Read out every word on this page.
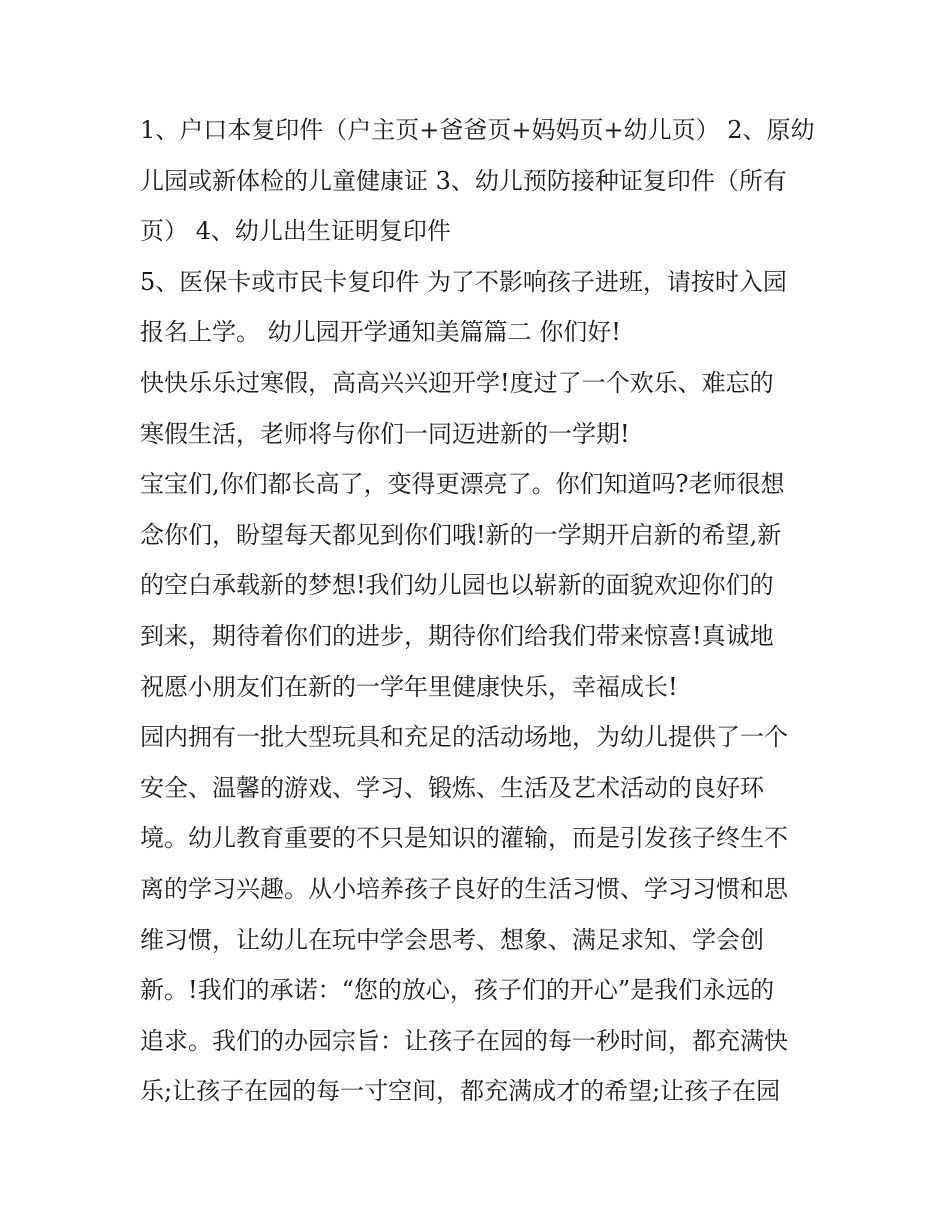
1、户口本复印件（户主页+爸爸页+妈妈页+幼儿页） 2、原幼
儿园或新体检的儿童健康证 3、幼儿预防接种证复印件（所有
页） 4、幼儿出生证明复印件
5、医保卡或市民卡复印件 为了不影响孩子进班，请按时入园
报名上学。 幼儿园开学通知美篇篇二 你们好!
快快乐乐过寒假，高高兴兴迎开学!度过了一个欢乐、难忘的
寒假生活，老师将与你们一同迈进新的一学期!
宝宝们,你们都长高了，变得更漂亮了。你们知道吗?老师很想
念你们，盼望每天都见到你们哦!新的一学期开启新的希望,新
的空白承载新的梦想!我们幼儿园也以崭新的面貌欢迎你们的
到来，期待着你们的进步，期待你们给我们带来惊喜!真诚地
祝愿小朋友们在新的一学年里健康快乐，幸福成长!
园内拥有一批大型玩具和充足的活动场地，为幼儿提供了一个
安全、温馨的游戏、学习、锻炼、生活及艺术活动的良好环
境。幼儿教育重要的不只是知识的灌输，而是引发孩子终生不
离的学习兴趣。从小培养孩子良好的生活习惯、学习习惯和思
维习惯，让幼儿在玩中学会思考、想象、满足求知、学会创
新。!我们的承诺：“您的放心，孩子们的开心”是我们永远的
追求。我们的办园宗旨：让孩子在园的每一秒时间，都充满快
乐;让孩子在园的每一寸空间，都充满成才的希望;让孩子在园
